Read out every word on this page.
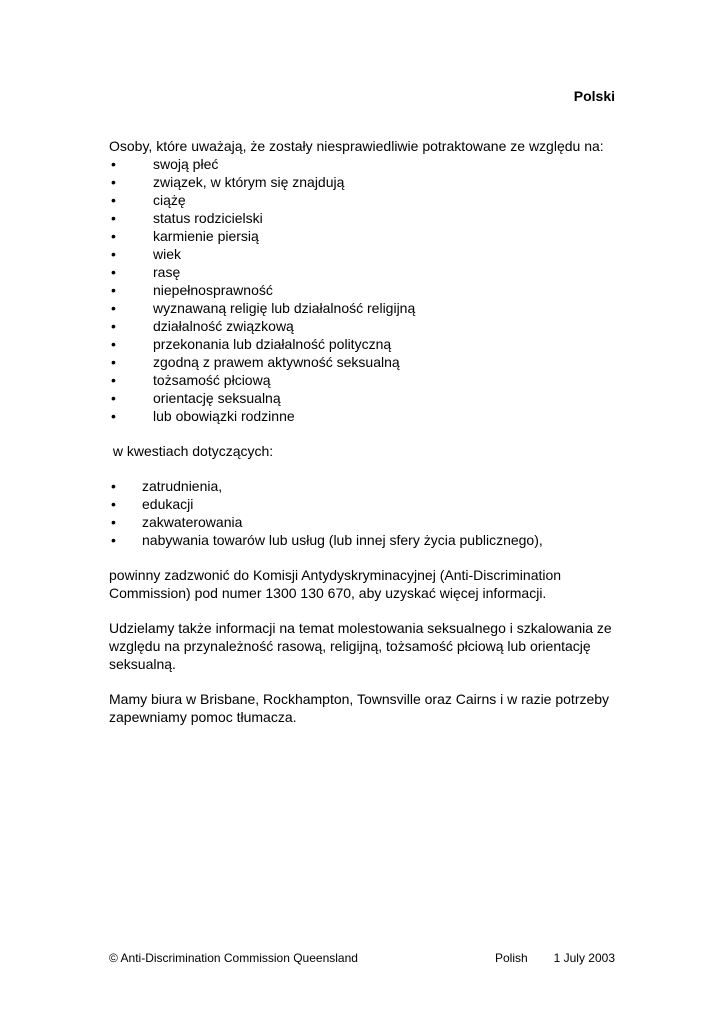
Polski

Osoby, które uważają, że zostały niesprawiedliwie potraktowane ze względu na:

•	swoją płeć
•	związek, w którym się znajdują
•	ciążę
•	status rodzicielski
•	karmienie piersią
•	wiek
•	rasę
•	niepełnosprawność
•	wyznawaną religię lub działalność religijną
•	działalność związkową
•	przekonania lub działalność polityczną
•	zgodną z prawem aktywność seksualną
•	tożsamość płciową
•	orientację seksualną
•	lub obowiązki rodzinne

w kwestiach dotyczących:

• zatrudnienia,
• edukacji
• zakwaterowania
• nabywania towarów lub usług (lub innej sfery życia publicznego),

powinny zadzwonić do Komisji Antydyskryminacyjnej (Anti-Discrimination Commission) pod numer 1300 130 670, aby uzyskać więcej informacji.

Udzielamy także informacji na temat molestowania seksualnego i szkalowania ze względu na przynależność rasową, religijną, tożsamość płciową lub orientację seksualną.

Mamy biura w Brisbane, Rockhampton, Townsville oraz Cairns i w razie potrzeby zapewniamy pomoc tłumacza.

© Anti-Discrimination Commission Queensland	Polish 1 July 2003
